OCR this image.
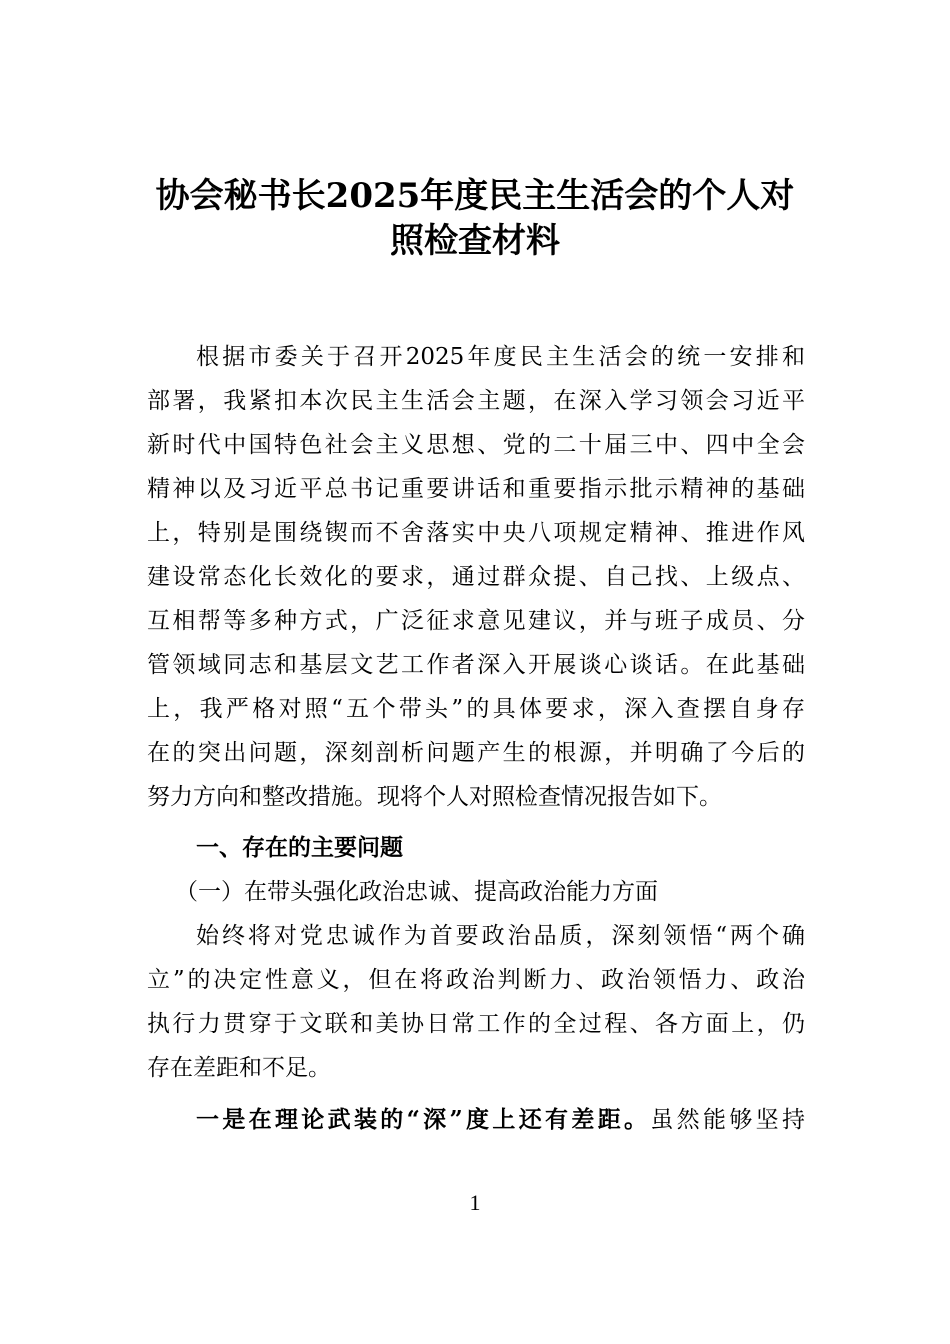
协会秘书长2025年度民主生活会的个人对
照检查材料
根据市委关于召开2025年度民主生活会的统一安排和
部署，我紧扣本次民主生活会主题，在深入学习领会习近平
新时代中国特色社会主义思想、党的二十届三中、四中全会
精神以及习近平总书记重要讲话和重要指示批示精神的基础
上，特别是围绕锲而不舍落实中央八项规定精神、推进作风
建设常态化长效化的要求，通过群众提、自己找、上级点、
互相帮等多种方式，广泛征求意见建议，并与班子成员、分
管领域同志和基层文艺工作者深入开展谈心谈话。在此基础
上，我严格对照“五个带头”的具体要求，深入查摆自身存
在的突出问题，深刻剖析问题产生的根源，并明确了今后的
努力方向和整改措施。现将个人对照检查情况报告如下。
一、存在的主要问题
（一）在带头强化政治忠诚、提高政治能力方面
始终将对党忠诚作为首要政治品质，深刻领悟“两个确
立”的决定性意义，但在将政治判断力、政治领悟力、政治
执行力贯穿于文联和美协日常工作的全过程、各方面上，仍
存在差距和不足。
一是在理论武装的“深”度上还有差距。虽然能够坚持
1
